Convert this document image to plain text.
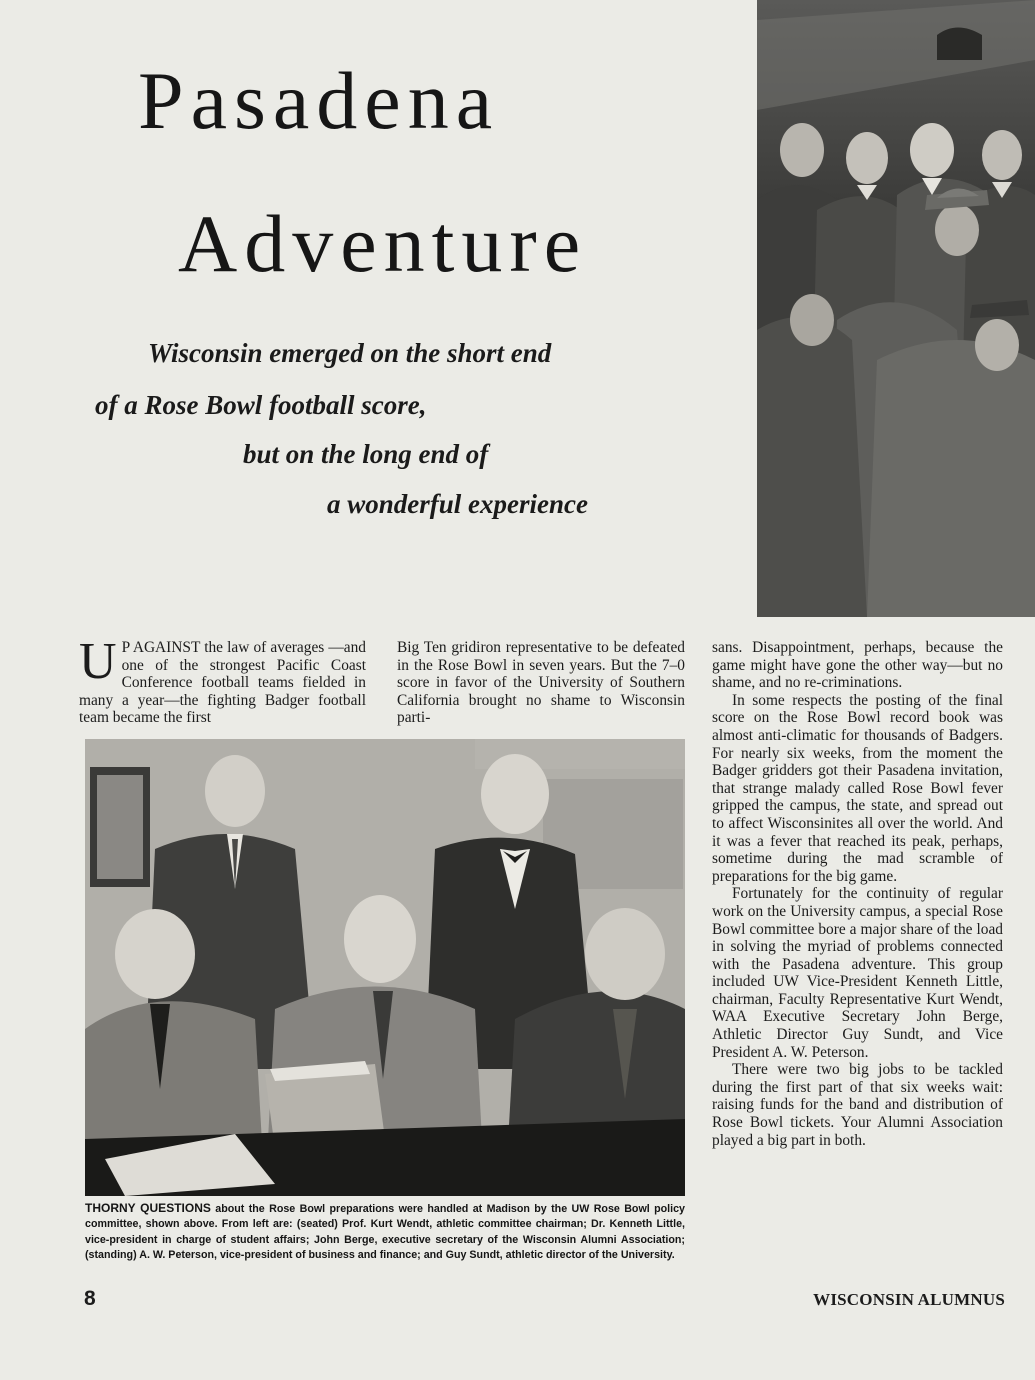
Pasadena
Adventure
Wisconsin emerged on the short end
of a Rose Bowl football score,
but on the long end of
a wonderful experience

U P AGAINST the law of averages —and one of the strongest Pacific Coast Conference football teams fielded in many a year—the fighting Badger football team became the first

Big Ten gridiron representative to be defeated in the Rose Bowl in seven years. But the 7–0 score in favor of the University of Southern California brought no shame to Wisconsin parti-

sans. Disappointment, perhaps, because the game might have gone the other way—but no shame, and no re-criminations.

In some respects the posting of the final score on the Rose Bowl record book was almost anti-climatic for thousands of Badgers. For nearly six weeks, from the moment the Badger gridders got their Pasadena invitation, that strange malady called Rose Bowl fever gripped the campus, the state, and spread out to affect Wisconsinites all over the world. And it was a fever that reached its peak, perhaps, sometime during the mad scramble of preparations for the big game.

Fortunately for the continuity of regular work on the University campus, a special Rose Bowl committee bore a major share of the load in solving the myriad of problems connected with the Pasadena adventure. This group included UW Vice-President Kenneth Little, chairman, Faculty Representative Kurt Wendt, WAA Executive Secretary John Berge, Athletic Director Guy Sundt, and Vice President A. W. Peterson.

There were two big jobs to be tackled during the first part of that six weeks wait: raising funds for the band and distribution of Rose Bowl tickets. Your Alumni Association played a big part in both.

THORNY QUESTIONS about the Rose Bowl preparations were handled at Madison by the UW Rose Bowl policy committee, shown above. From left are: (seated) Prof. Kurt Wendt, athletic committee chairman; Dr. Kenneth Little, vice-president in charge of student affairs; John Berge, executive secretary of the Wisconsin Alumni Association; (standing) A. W. Peterson, vice-president of business and finance; and Guy Sundt, athletic director of the University.
8	WISCONSIN ALUMNUS
